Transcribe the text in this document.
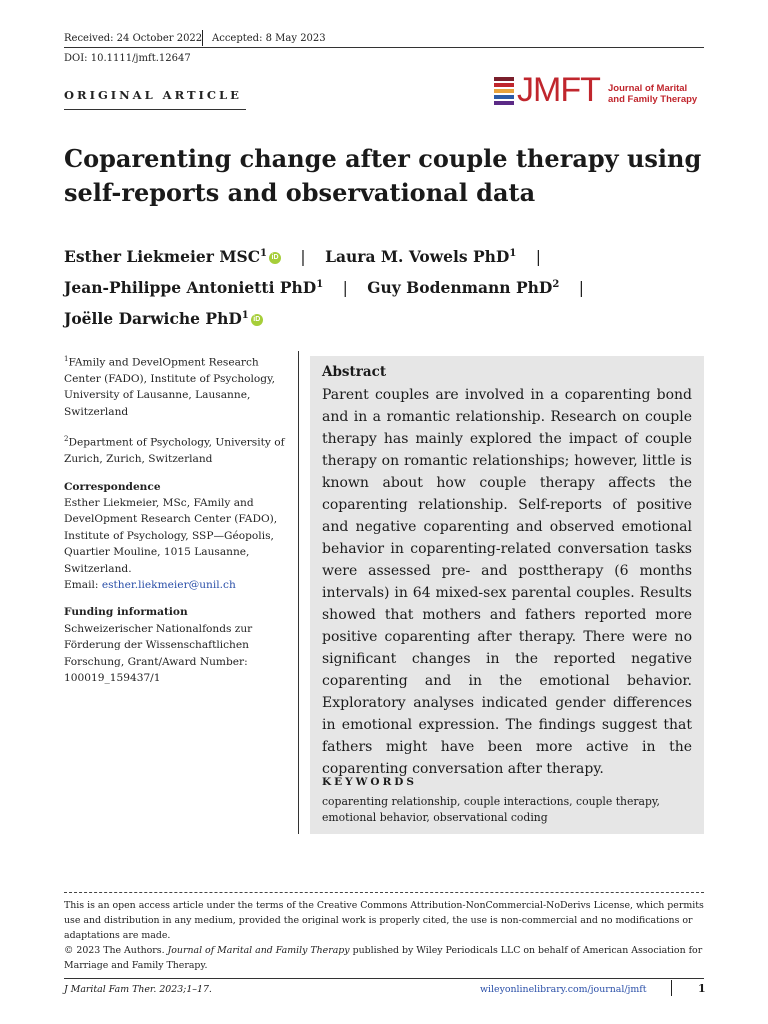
Received: 24 October 2022 Accepted: 8 May 2023
DOI: 10.1111/jmft.12647
JMFT Journal of Marital
and Family Therapy
ORIGINAL ARTICLE
Coparenting change after couple therapy using self-reports and observational data
Esther Liekmeier MSC$^1$ iD | Laura M. Vowels PhD$^1$ |
Jean-Philippe Antonietti PhD$^1$ | Guy Bodenmann PhD$^2$ |
Joëlle Darwiche PhD$^1$ iD

$^1$FAmily and DevelOpment Research Center (FADO), Institute of Psychology, University of Lausanne, Lausanne, Switzerland

$^2$Department of Psychology, University of Zurich, Zurich, Switzerland

Correspondence
Esther Liekmeier, MSc, FAmily and DevelOpment Research Center (FADO), Institute of Psychology, SSP—Géopolis, Quartier Mouline, 1015 Lausanne, Switzerland.
Email: esther.liekmeier@unil.ch

Funding information
Schweizerischer Nationalfonds zur Förderung der Wissenschaftlichen Forschung, Grant/Award Number: 100019_159437/1

Abstract
Parent couples are involved in a coparenting bond and in a romantic relationship. Research on couple therapy has mainly explored the impact of couple therapy on romantic relationships; however, little is known about how couple therapy affects the coparenting relationship. Self-reports of positive and negative coparenting and observed emotional behavior in coparenting-related conversation tasks were assessed pre- and posttherapy (6 months intervals) in 64 mixed-sex parental couples. Results showed that mothers and fathers reported more positive coparenting after therapy. There were no significant changes in the reported negative coparenting and in the emotional behavior. Exploratory analyses indicated gender differences in emotional expression. The findings suggest that fathers might have been more active in the coparenting conversation after therapy.
KEYWORDS
coparenting relationship, couple interactions, couple therapy, emotional behavior, observational coding

This is an open access article under the terms of the Creative Commons Attribution-NonCommercial-NoDerivs License, which permits use and distribution in any medium, provided the original work is properly cited, the use is non-commercial and no modifications or adaptations are made.

© 2023 The Authors. Journal of Marital and Family Therapy published by Wiley Periodicals LLC on behalf of American Association for Marriage and Family Therapy.

J Marital Fam Ther. 2023;1–17.	wileyonlinelibrary.com/journal/jmft	1
